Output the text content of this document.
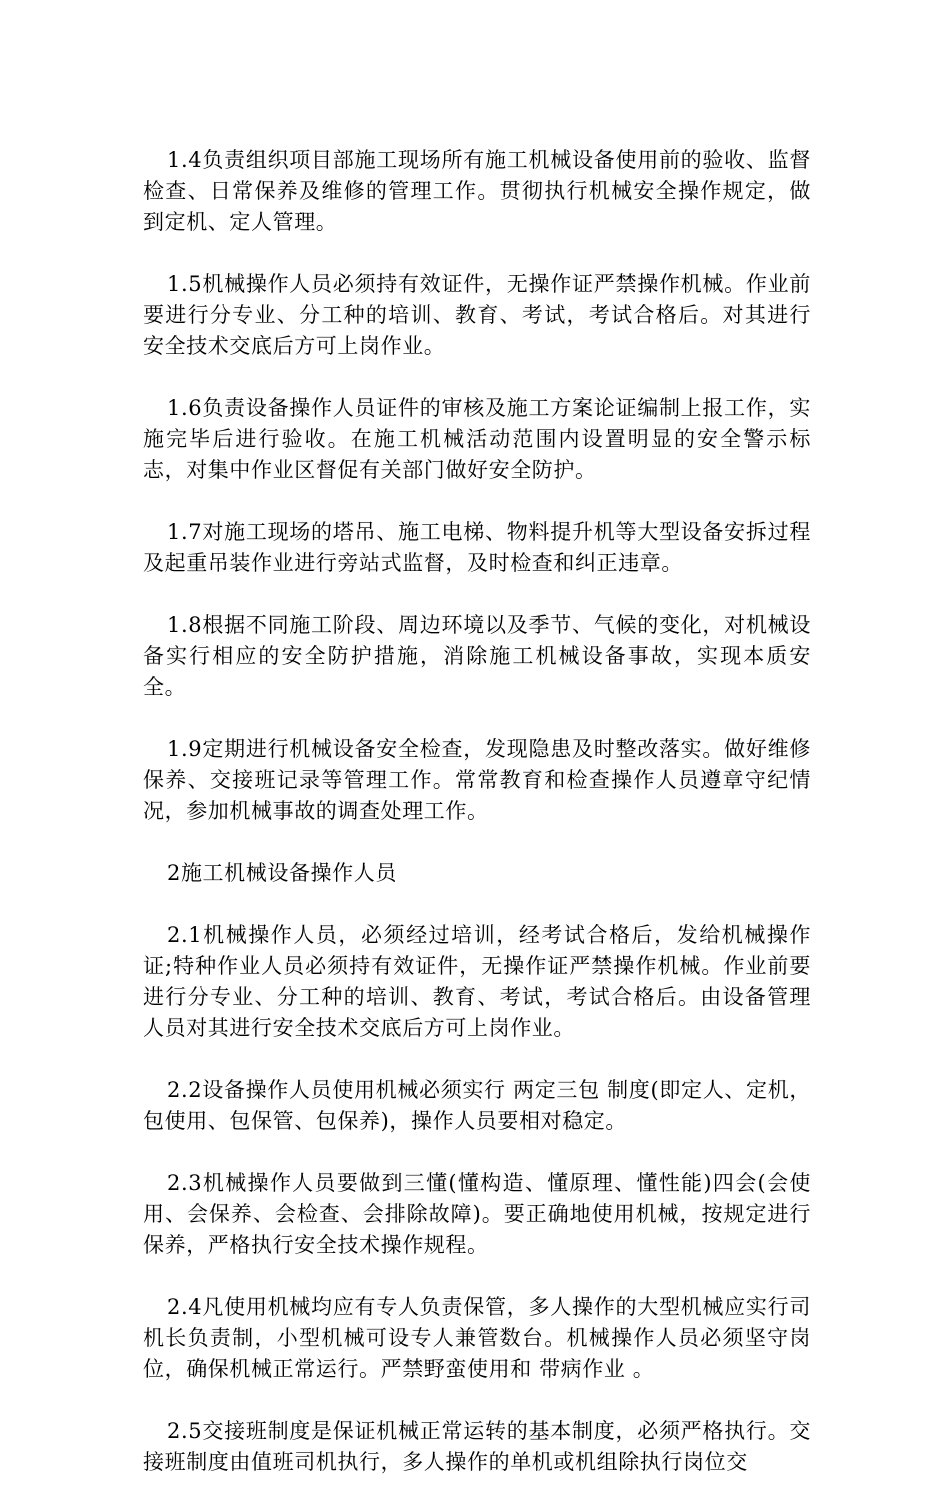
1.4负责组织项目部施工现场所有施工机械设备使用前的验收、监督检查、日常保养及维修的管理工作。贯彻执行机械安全操作规定，做到定机、定人管理。

1.5机械操作人员必须持有效证件，无操作证严禁操作机械。作业前要进行分专业、分工种的培训、教育、考试，考试合格后。对其进行安全技术交底后方可上岗作业。

1.6负责设备操作人员证件的审核及施工方案论证编制上报工作，实施完毕后进行验收。在施工机械活动范围内设置明显的安全警示标志，对集中作业区督促有关部门做好安全防护。

1.7对施工现场的塔吊、施工电梯、物料提升机等大型设备安拆过程及起重吊装作业进行旁站式监督，及时检查和纠正违章。

1.8根据不同施工阶段、周边环境以及季节、气候的变化，对机械设备实行相应的安全防护措施，消除施工机械设备事故，实现本质安全。

1.9定期进行机械设备安全检查，发现隐患及时整改落实。做好维修保养、交接班记录等管理工作。常常教育和检查操作人员遵章守纪情况，参加机械事故的调查处理工作。

2施工机械设备操作人员

2.1机械操作人员，必须经过培训，经考试合格后，发给机械操作证;特种作业人员必须持有效证件，无操作证严禁操作机械。作业前要进行分专业、分工种的培训、教育、考试，考试合格后。由设备管理人员对其进行安全技术交底后方可上岗作业。

2.2设备操作人员使用机械必须实行 两定三包 制度(即定人、定机，包使用、包保管、包保养)，操作人员要相对稳定。

2.3机械操作人员要做到三懂(懂构造、懂原理、懂性能)四会(会使用、会保养、会检查、会排除故障)。要正确地使用机械，按规定进行保养，严格执行安全技术操作规程。

2.4凡使用机械均应有专人负责保管，多人操作的大型机械应实行司机长负责制，小型机械可设专人兼管数台。机械操作人员必须坚守岗位，确保机械正常运行。严禁野蛮使用和 带病作业 。

2.5交接班制度是保证机械正常运转的基本制度，必须严格执行。交接班制度由值班司机执行，多人操作的单机或机组除执行岗位交
